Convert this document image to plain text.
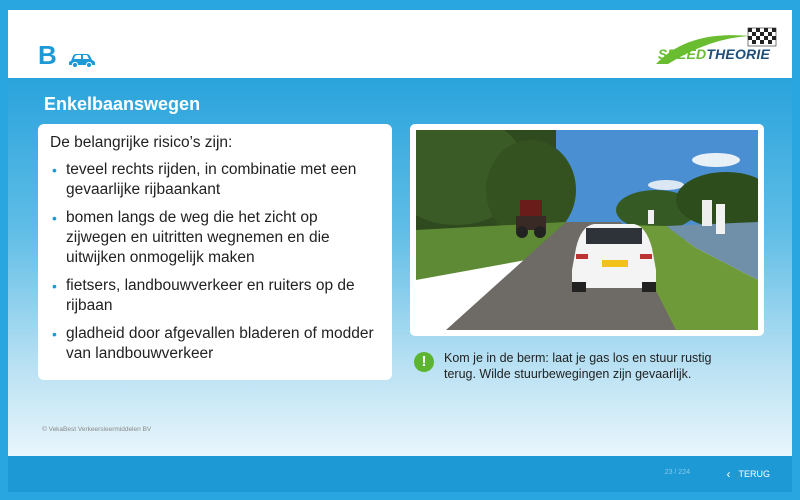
B	SPEEDTHEORIE
Enkelbaanswegen
De belangrijke risico’s zijn:
• teveel rechts rijden, in combinatie met een gevaarlijke rijbaankant
• bomen langs de weg die het zicht op zijwegen en uitritten wegnemen en die uitwijken onmogelijk maken
• fietsers, landbouwverkeer en ruiters op de rijbaan
• gladheid door afgevallen bladeren of modder van landbouwverkeer	!	Kom je in de berm: laat je gas los en stuur rustig terug. Wilde stuurbewegingen zijn gevaarlijk.
© VekaBest Verkeersleermiddelen BV
23 / 224	‹ TERUG
